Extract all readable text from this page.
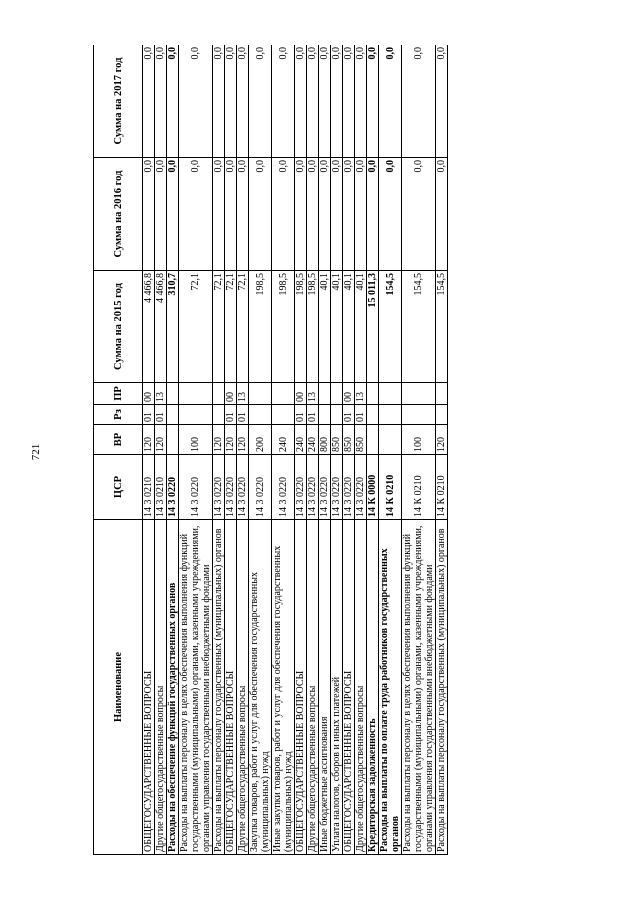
721
Наименование	ЦСР	ВР	Рз	ПР	Сумма на 2015 год	Сумма на 2016 год	Сумма на 2017 год
ОБЩЕГОСУДАРСТВЕННЫЕ ВОПРОСЫ	14 3 0210	120	01	00	4 466,8	0,0	0,0
Другие общегосударственные вопросы	14 3 0210	120	01	13	4 466,8	0,0	0,0
Расходы на обеспечение функций государственных органов	14 3 0220				310,7	0,0	0,0
Расходы на выплаты персоналу в целях обеспечения выполнения функций государственными (муниципальными) органами, казенными учреждениями, органами управления государственными внебюджетными фондами	14 3 0220	100			72,1	0,0	0,0
Расходы на выплаты персоналу государственных (муниципальных) органов	14 3 0220	120			72,1	0,0	0,0
ОБЩЕГОСУДАРСТВЕННЫЕ ВОПРОСЫ	14 3 0220	120	01	00	72,1	0,0	0,0
Другие общегосударственные вопросы	14 3 0220	120	01	13	72,1	0,0	0,0
Закупка товаров, работ и услуг для обеспечения государственных (муниципальных) нужд	14 3 0220	200			198,5	0,0	0,0
Иные закупки товаров, работ и услуг для обеспечения государственных (муниципальных) нужд	14 3 0220	240			198,5	0,0	0,0
ОБЩЕГОСУДАРСТВЕННЫЕ ВОПРОСЫ	14 3 0220	240	01	00	198,5	0,0	0,0
Другие общегосударственные вопросы	14 3 0220	240	01	13	198,5	0,0	0,0
Иные бюджетные ассигнования	14 3 0220	800			40,1	0,0	0,0
Уплата налогов, сборов и иных платежей	14 3 0220	850			40,1	0,0	0,0
ОБЩЕГОСУДАРСТВЕННЫЕ ВОПРОСЫ	14 3 0220	850	01	00	40,1	0,0	0,0
Другие общегосударственные вопросы	14 3 0220	850	01	13	40,1	0,0	0,0
Кредиторская задолженность	14 К 0000				15 011,3	0,0	0,0
Расходы на выплаты по оплате труда работников государственных органов	14 К 0210				154,5	0,0	0,0
Расходы на выплаты персоналу в целях обеспечения выполнения функций государственными (муниципальными) органами, казенными учреждениями, органами управления государственными внебюджетными фондами	14 К 0210	100			154,5	0,0	0,0
Расходы на выплаты персоналу государственных (муниципальных) органов	14 К 0210	120			154,5	0,0	0,0
